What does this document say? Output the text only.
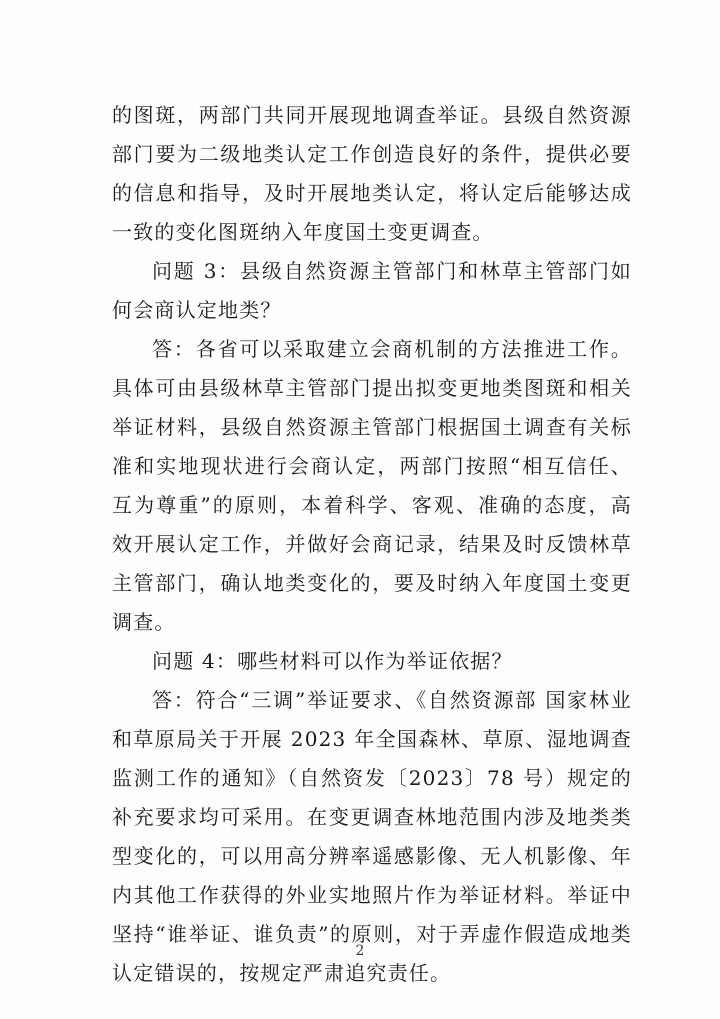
的图斑，两部门共同开展现地调查举证。县级自然资源部门要为二级地类认定工作创造良好的条件，提供必要的信息和指导，及时开展地类认定，将认定后能够达成一致的变化图斑纳入年度国土变更调查。

问题 3：县级自然资源主管部门和林草主管部门如何会商认定地类？

答：各省可以采取建立会商机制的方法推进工作。具体可由县级林草主管部门提出拟变更地类图斑和相关举证材料，县级自然资源主管部门根据国土调查有关标准和实地现状进行会商认定，两部门按照“相互信任、互为尊重”的原则，本着科学、客观、准确的态度，高效开展认定工作，并做好会商记录，结果及时反馈林草主管部门，确认地类变化的，要及时纳入年度国土变更调查。

问题 4：哪些材料可以作为举证依据？

答：符合“三调”举证要求、《自然资源部 国家林业和草原局关于开展 2023 年全国森林、草原、湿地调查监测工作的通知》（自然资发〔2023〕78 号）规定的补充要求均可采用。在变更调查林地范围内涉及地类类型变化的，可以用高分辨率遥感影像、无人机影像、年内其他工作获得的外业实地照片作为举证材料。举证中坚持“谁举证、谁负责”的原则，对于弄虚作假造成地类认定错误的，按规定严肃追究责任。

2
